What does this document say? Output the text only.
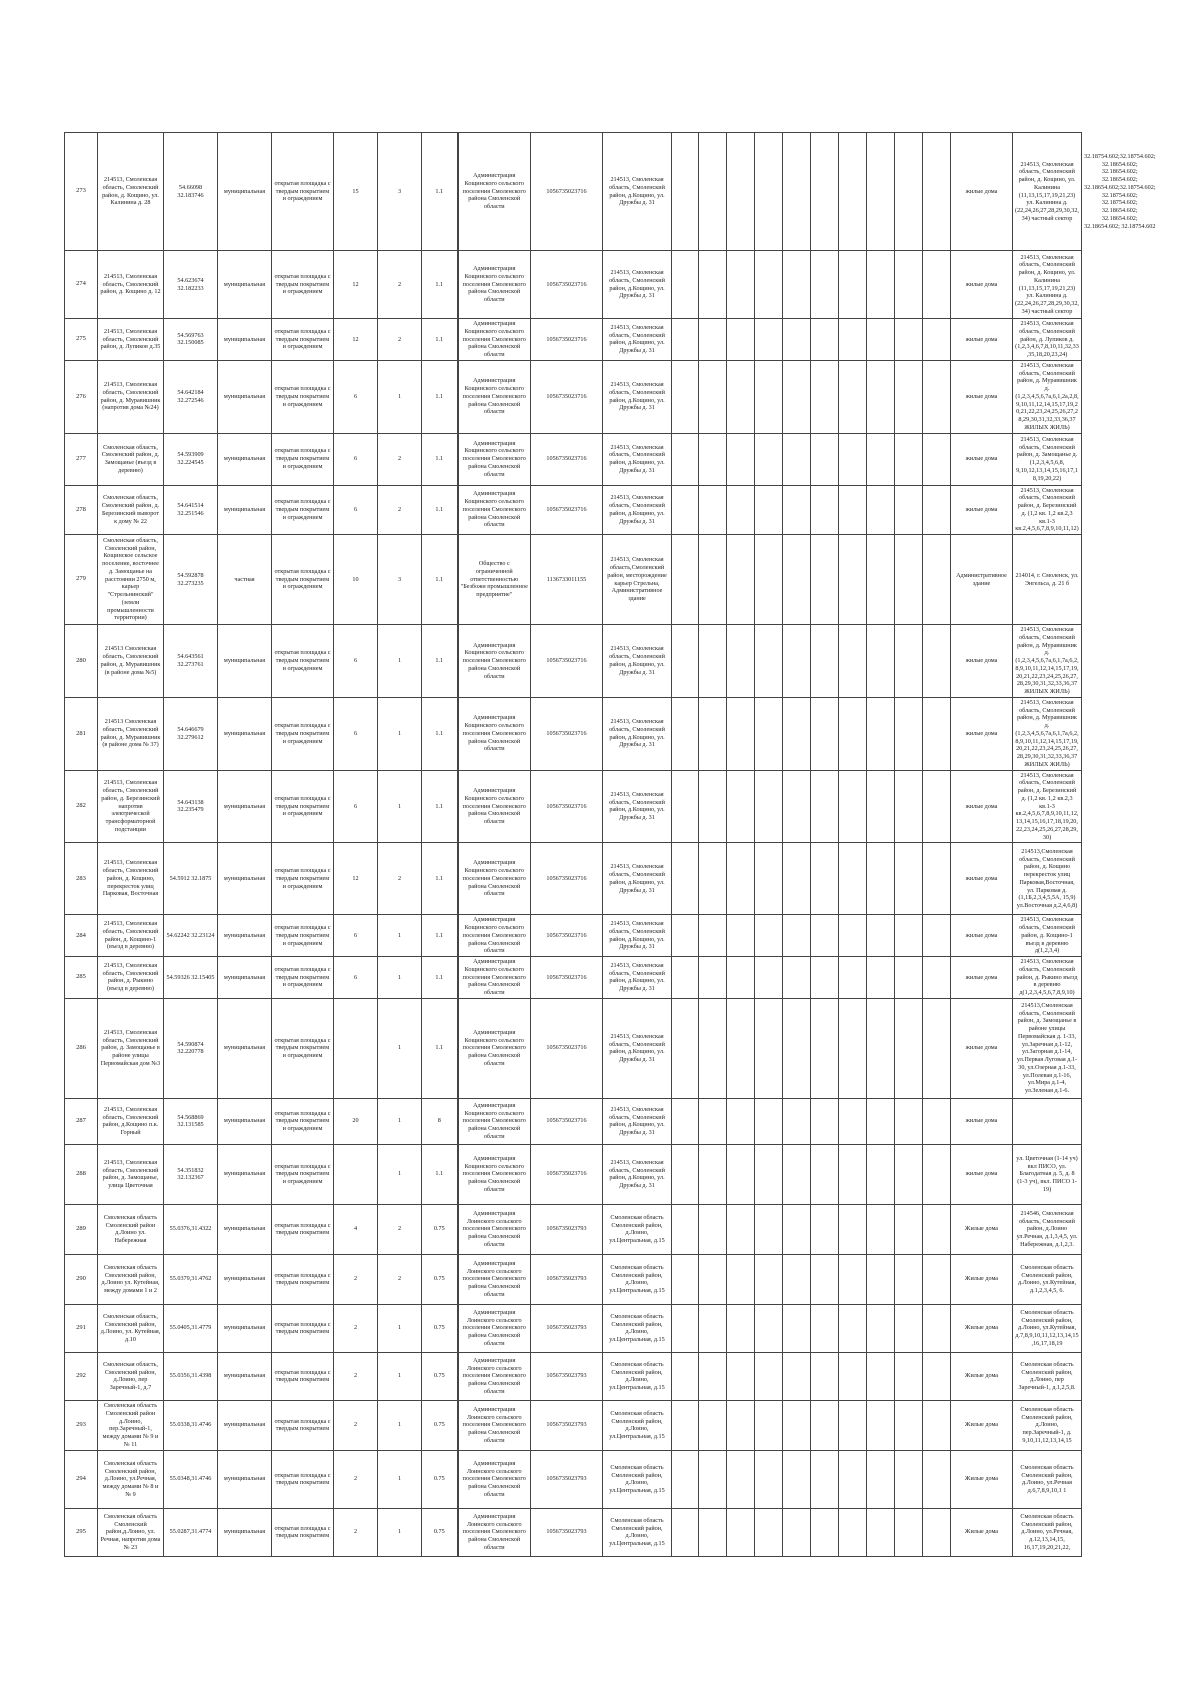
273	214513, Смоленская область, Смоленский район, д. Кощино, ул. Калинина д. 28	54.66098 32.183746	муниципальная	открытая площадка с твердым покрытием и ограждением	15	3	1.1	Администрация Кощинского сельского поселения Смоленского района Смоленской области	1056735023716	214513, Смоленская область, Смоленский район, д.Кощино, ул. Дружбы д. 31											жилые дома	214513, Смоленская область, Смоленский район, д. Кощино, ул. Калинина (11,13,15,17,19,21,23) ул. Калинина д. (22,24,26,27,28,29,30,32,34) частный сектор	32.18754.602;32.18754.602; 32.18654.602; 32.18654.602; 32.18654.602; 32.18654.602;32.18754.602; 32.18754.602; 32.18754.602; 32.18654.602; 32.18654.602; 32.18654.602; 32.18754.602
274	214513, Смоленская область, Смоленский район, д. Кощино д. 12	54.623674 32.182233	муниципальная	открытая площадка с твердым покрытием и ограждением	12	2	1.1	Администрация Кощинского сельского поселения Смоленского района Смоленской области	1056735023716	214513, Смоленская область, Смоленский район, д.Кощино, ул. Дружбы д. 31											жилые дома	214513, Смоленская область, Смоленский район, д. Кощино, ул. Калинина (11,13,15,17,19,21,23) ул. Калинина д. (22,24,26,27,28,29,30,32,34) частный сектор	
275	214513, Смоленская область, Смоленский район, д. Лупиков д.35	54.569763 32.150085	муниципальная	открытая площадка с твердым покрытием и ограждением	12	2	1.1	Администрация Кощинского сельского поселения Смоленского района Смоленской области	1056735023716	214513, Смоленская область, Смоленский район, д.Кощино, ул. Дружбы д. 31											жилые дома	214513, Смоленская область, Смоленский район, д. Лупиков д. (1,2,3,4,6,7,8,10,11,32,33,35,18,20,23,24)	
276	214513, Смоленская область, Смоленский район, д. Муравишник (напротив дома №24)	54.642184 32.272546	муниципальная	открытая площадка с твердым покрытием и ограждением	6	1	1.1	Администрация Кощинского сельского поселения Смоленского района Смоленской области	1056735023716	214513, Смоленская область, Смоленский район, д.Кощино, ул. Дружбы д. 31											жилые дома	214513, Смоленская область, Смоленский район, д. Муравишник д. (1,2,3,4,5,6,7а,6,1,2а,2,8,9,10,11,12,14,15,17,19,20,21,22,23,24,25,26,27,28,29,30,31,32,33,36,37 ЖИЛЫХ ЖИЛЬ)	
277	Смоленская область, Смоленский район, д. Замощанье (въезд в деревню)	54.593909 32.224545	муниципальная	открытая площадка с твердым покрытием и ограждением	6	2	1.1	Администрация Кощинского сельского поселения Смоленского района Смоленской области	1056735023716	214513, Смоленская область, Смоленский район, д.Кощино, ул. Дружбы д. 31											жилые дома	214513, Смоленская область, Смоленский район, д. Замощанье д. (1,2,3,4,5,6,8, 9,10,12,13,14,15,16,17,1 8,19,20,22)	
278	Смоленская область, Смоленский район, д. Березинский выворот к дому № 22	54.641514 32.251546	муниципальная	открытая площадка с твердым покрытием и ограждением	6	2	1.1	Администрация Кощинского сельского поселения Смоленского района Смоленской области	1056735023716	214513, Смоленская область, Смоленский район, д.Кощино, ул. Дружбы д. 31											жилые дома	214513, Смоленская область, Смоленский район, д. Березинский д. (1,2 кв. 1,2 кв.2,3 кв.1-3 кв.2,4,5,6,7,8,9,10,11,12)	
279	Смоленская область, Смоленский район, Кощинское сельское поселение, восточнее д. Замощанье на расстоянии 2750 м, карьер "Стрельнинский" (земли промышленности территории)	54.592878 32.273235	частная	открытая площадка с твердым покрытием и ограждением	10	3	1.1	Общество с ограниченной ответственностью "Безбожн промышленное предприятие"	1136733011155	214513, Смоленская область,Смоленский район, месторождение карьер Стрельна, Административное здание											Административное здание	214014, г. Смоленск, ул. Энгельса, д. 21 б	
280	214513 Смоленская область, Смоленский район, д. Муравишник (в районе дома №5)	54.643561 32.273761	муниципальная	открытая площадка с твердым покрытием и ограждением	6	1	1.1	Администрация Кощинского сельского поселения Смоленского района Смоленской области	1056735023716	214513, Смоленская область, Смоленский район, д.Кощино, ул. Дружбы д. 31											жилые дома	214513, Смоленская область, Смоленский район, д. Муравишник д. (1,2,3,4,5,6,7а,6,1,7а,6,2,8,9,10,11,12,14,15,17,19,20,21,22,23,24,25,26,27,28,29,30,31,32,33,36,37 ЖИЛЫХ ЖИЛЬ)	
281	214513 Смоленская область, Смоленский район, д. Муравишник (в районе дома № 37)	54.646679 32.279612	муниципальная	открытая площадка с твердым покрытием и ограждением	6	1	1.1	Администрация Кощинского сельского поселения Смоленского района Смоленской области	1056735023716	214513, Смоленская область, Смоленский район, д.Кощино, ул. Дружбы д. 31											жилые дома	214513, Смоленская область, Смоленский район, д. Муравишник д. (1,2,3,4,5,6,7а,6,1,7а,6,2,8,9,10,11,12,14,15,17,19,20,21,22,23,24,25,26,27,28,29,30,31,32,33,36,37 ЖИЛЫХ ЖИЛЬ)	
282	214513, Смоленская область, Смоленский район, д. Березинский напротив электрической трансформаторной подстанции	54.643138 32.235479	муниципальная	открытая площадка с твердым покрытием и ограждением	6	1	1.1	Администрация Кощинского сельского поселения Смоленского района Смоленской области	1056735023716	214513, Смоленская область, Смоленский район, д.Кощино, ул. Дружбы д. 31											жилые дома	214513, Смоленская область, Смоленский район, д. Березинский д. (1,2 кв. 1,2 кв.2,3 кв.1-3 кв.2,4,5,6,7,8,9,10,11,12,13,14,15,16,17,18,19,20,22,23,24,25,26,27,28,29,30)	
283	214513, Смоленская область, Смоленский район, д. Кощино, перекресток улиц Парковая, Восточная	54.5912 32.1875	муниципальная	открытая площадка с твердым покрытием и ограждением	12	2	1.1	Администрация Кощинского сельского поселения Смоленского района Смоленской области	1056735023716	214513, Смоленская область, Смоленский район, д.Кощино, ул. Дружбы д. 31											жилые дома	214513,Смоленская область, Смоленский район, д. Кощино перекресток улиц Парковая,Восточная, ул. Парковая д. (1,1Б,2,3,4,5,5А, 15,9) ул.Восточная д.2,4,6,8)	
284	214513, Смоленская область, Смоленский район, д. Кощино-1 (въезд в деревню)	54.62242 32.23124	муниципальная	открытая площадка с твердым покрытием и ограждением	6	1	1.1	Администрация Кощинского сельского поселения Смоленского района Смоленской области	1056735023716	214513, Смоленская область, Смоленский район, д.Кощино, ул. Дружбы д. 31											жилые дома	214513, Смоленская область, Смоленский район, д. Кощино-1 въезд в деревню д(1,2,3,4)	
285	214513, Смоленская область, Смоленский район, д. Рыкино (въезд в деревню)	54.59326 32.15405	муниципальная	открытая площадка с твердым покрытием и ограждением	6	1	1.1	Администрация Кощинского сельского поселения Смоленского района Смоленской области	1056735023716	214513, Смоленская область, Смоленский район, д.Кощино, ул. Дружбы д. 31											жилые дома	214513, Смоленская область, Смоленский район, д. Рыкино въезд в деревню д(1,2,3,4,5,6,7,8,9,10)	
286	214513, Смоленская область, Смоленский район, д. Замощанье в районе улицы Первомайская дом №3	54.590874 32.220778	муниципальная	открытая площадка с твердым покрытием и ограждением		1	1.1	Администрация Кощинского сельского поселения Смоленского района Смоленской области	1056735023716	214513, Смоленская область, Смоленский район, д.Кощино, ул. Дружбы д. 31											жилые дома	214513,Смоленская область, Смоленский район, д. Замощанье в районе улицы Первомайская д. 1-33, ул.Заречная д.1-12, ул.Загорная д.1-14, ул.Первая Луговая д.1-30, ул.Озерная д.1-33, ул.Полевая д.1-16, ул.Мира д.1-4, ул.Зеленая д.1-6.	
287	214513, Смоленская область, Смоленский район, д.Кощино п.к. Горный	54.568869 32.131585	муниципальная	открытая площадка с твердым покрытием и ограждением	20	1	8	Администрация Кощинского сельского поселения Смоленского района Смоленской области	1056735023716	214513, Смоленская область, Смоленский район, д.Кощино, ул. Дружбы д. 31											жилые дома		
288	214513, Смоленская область, Смоленский район, д. Замощанье, улица Цветочная	54.351832 32.132367	муниципальная	открытая площадка с твердым покрытием и ограждением		1	1.1	Администрация Кощинского сельского поселения Смоленского района Смоленской области	1056735023716	214513, Смоленская область, Смоленский район, д.Кощино, ул. Дружбы д. 31											жилые дома	ул. Цветочная (1-14 уч) вкл ПИСО, ул. Благодатная д. 5, д. 8 (1-3 уч), вкл. ПИСО 1-19)	
289	Смоленская область Смоленский район д.Лоино ул. Набережная	55.0376,31.4322	муниципальная	открытая площадка с твердым покрытием	4	2	0.75	Администрация Лоинского сельского поселения Смоленского района Смоленской области	1056735023793	Смоленская область Смоленский район, д.Лоино, ул.Центральная, д.15											Жилые дома	214546, Смоленская область, Смоленский район, д.Лоино ул.Речная, д.1,3,4,5, ул. Набережная, д.1,2,3.	
290	Смоленская область Смоленский район, д.Лоино ул. Кутейная, между домами 1 и 2	55.0379,31.4762	муниципальная	открытая площадка с твердым покрытием	2	2	0.75	Администрация Лоинского сельского поселения Смоленского района Смоленской области	1056735023793	Смоленская область Смоленский район, д.Лоино, ул.Центральная, д.15											Жилые дома	Смоленская область Смоленский район, д.Лоино, ул.Кутейная, д.1,2,3,4,5, 6.	
291	Смоленская область, Смоленский район, д.Лоино, ул. Кутейная, д.10	55.0405,31.4779	муниципальная	открытая площадка с твердым покрытием	2	1	0.75	Администрация Лоинского сельского поселения Смоленского района Смоленской области	1056735023793	Смоленская область Смоленский район, д.Лоино, ул.Центральная, д.15											Жилые дома	Смоленская область Смоленский район, д.Лоино, ул.Кутейная, д.7,8,9,10,11,12,13,14,15,16,17,18,19	
292	Смоленская область, Смоленский район, д.Лоино, пер Заречный-1, д.7	55.0356,31.4398	муниципальная	открытая площадка с твердым покрытием	2	1	0.75	Администрация Лоинского сельского поселения Смоленского района Смоленской области	1056735023793	Смоленская область Смоленский район, д.Лоино, ул.Центральная, д.15											Жилые дома	Смоленская область Смоленский район, д.Лоино, пер Заречный-1, д.1,2,5,8.	
293	Смоленская область Смоленский район д.Лоино, пер.Заречный-1, между домами № 9 и № 11	55.0338,31.4746	муниципальная	открытая площадка с твердым покрытием	2	1	0.75	Администрация Лоинского сельского поселения Смоленского района Смоленской области	1056735023793	Смоленская область Смоленский район, д.Лоино, ул.Центральная, д.15											Жилые дома	Смоленская область Смоленский район, д.Лоино, пер.Заречный-1, д. 9,10,11,12,13,14,15	
294	Смоленская область Смоленский район, д.Лоино, ул.Речная, между домами № 8 и № 9	55.0348,31.4746	муниципальная	открытая площадка с твердым покрытием	2	1	0.75	Администрация Лоинского сельского поселения Смоленского района Смоленской области	1056735023793	Смоленская область Смоленский район, д.Лоино, ул.Центральная, д.15											Жилые дома	Смоленская область Смоленский район, д.Лоино, ул.Речная д.6,7,8,9,10,1 1	
295	Смоленская область Смоленский район,д.Лоино, ул. Речная, напротив дома № 23	55.0287,31.4774	муниципальная	открытая площадка с твердым покрытием	2	1	0.75	Администрация Лоинского сельского поселения Смоленского района Смоленской области	1056735023793	Смоленская область Смоленский район, д.Лоино, ул.Центральная, д.15											Жилые дома	Смоленская область Смоленский район, д.Лоино, ул.Речная, д.12,13,14,15, 16,17,19,20,21,22,	
